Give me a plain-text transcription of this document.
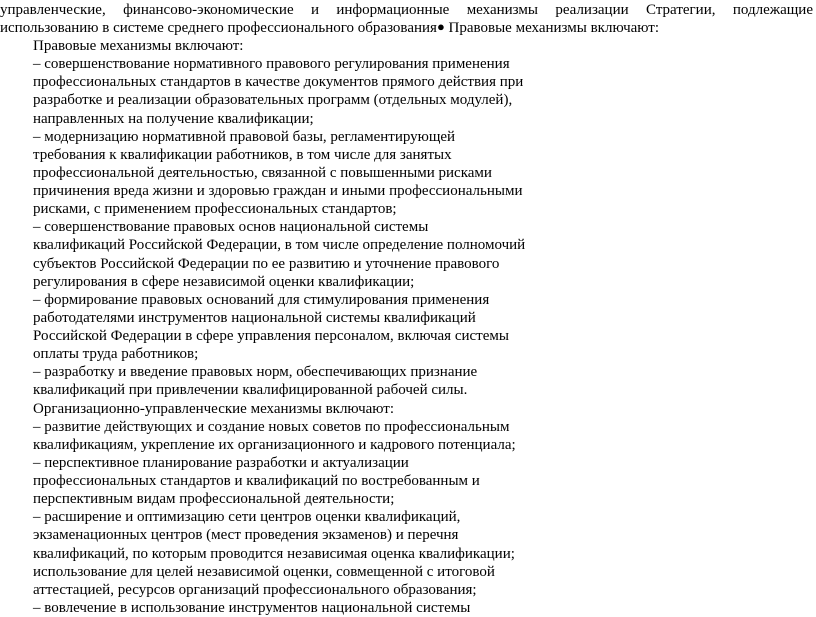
управленческие, финансово-экономические и информационные механизмы реализации Стратегии, подлежащие использованию в системе среднего профессионального образования● Правовые механизмы включают:

Правовые механизмы включают:
– совершенствование нормативного правового регулирования применения
профессиональных стандартов в качестве документов прямого действия при
разработке и реализации образовательных программ (отдельных модулей),
направленных на получение квалификации;
– модернизацию нормативной правовой базы, регламентирующей
требования к квалификации работников, в том числе для занятых
профессиональной деятельностью, связанной с повышенными рисками
причинения вреда жизни и здоровью граждан и иными профессиональными
рисками, с применением профессиональных стандартов;
– совершенствование правовых основ национальной системы
квалификаций Российской Федерации, в том числе определение полномочий
субъектов Российской Федерации по ее развитию и уточнение правового
регулирования в сфере независимой оценки квалификации;
– формирование правовых оснований для стимулирования применения
работодателями инструментов национальной системы квалификаций
Российской Федерации в сфере управления персоналом, включая системы
оплаты труда работников;
– разработку и введение правовых норм, обеспечивающих признание
квалификаций при привлечении квалифицированной рабочей силы.
Организационно-управленческие механизмы включают:
– развитие действующих и создание новых советов по профессиональным
квалификациям, укрепление их организационного и кадрового потенциала;
– перспективное планирование разработки и актуализации
профессиональных стандартов и квалификаций по востребованным и
перспективным видам профессиональной деятельности;
– расширение и оптимизацию сети центров оценки квалификаций,
экзаменационных центров (мест проведения экзаменов) и перечня
квалификаций, по которым проводится независимая оценка квалификации;
использование для целей независимой оценки, совмещенной с итоговой
аттестацией, ресурсов организаций профессионального образования;
– вовлечение в использование инструментов национальной системы
